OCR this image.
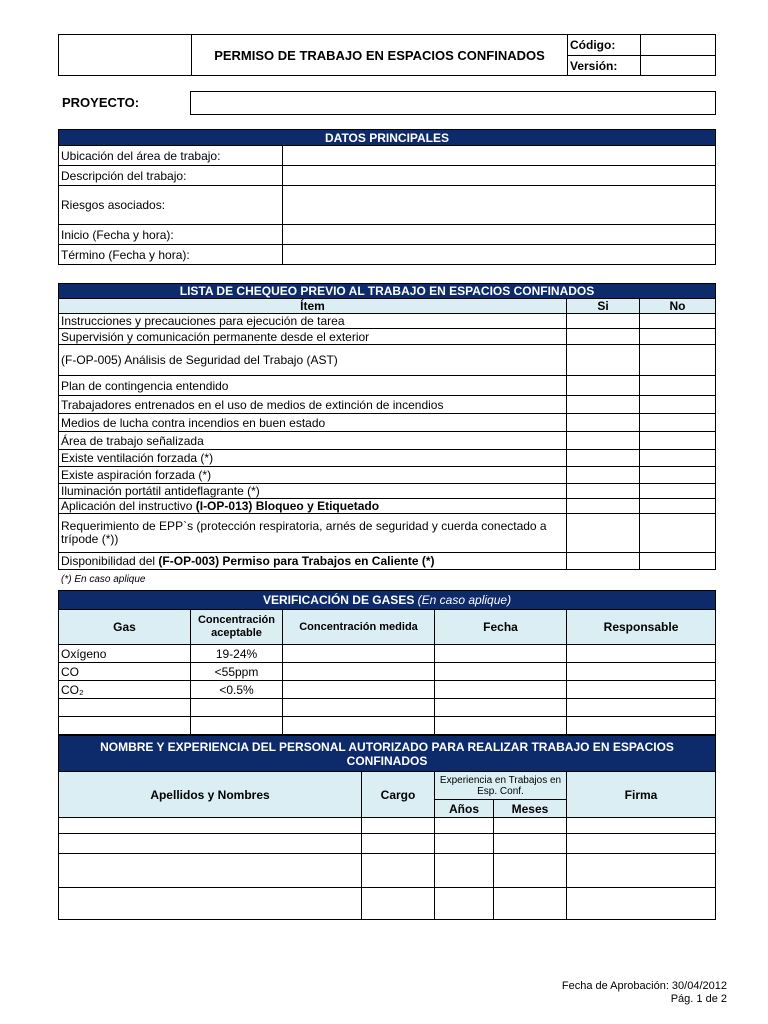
	PERMISO DE TRABAJO EN ESPACIOS CONFINADOS	Código:	
		Versión:	
PROYECTO:
DATOS PRINCIPALES	
Ubicación del área de trabajo:	
Descripción del trabajo:	
Riesgos asociados:	
Inicio (Fecha y hora):	
Término (Fecha y hora):	
LISTA DE CHEQUEO PREVIO AL TRABAJO EN ESPACIOS CONFINADOS		
Ítem	Si	No
Instrucciones y precauciones para ejecución de tarea		
Supervisión y comunicación permanente desde el exterior		
(F-OP-005) Análisis de Seguridad del Trabajo (AST)		
Plan de contingencia entendido		
Trabajadores entrenados en el uso de medios de extinción de incendios		
Medios de lucha contra incendios en buen estado		
Área de trabajo señalizada		
Existe ventilación forzada (*)		
Existe aspiración forzada (*)		
Iluminación portátil antideflagrante (*)		
Aplicación del instructivo (I-OP-013) Bloqueo y Etiquetado		
Requerimiento de EPP`s (protección respiratoria, arnés de seguridad y cuerda conectado a trípode (*))		
Disponibilidad del (F-OP-003) Permiso para Trabajos en Caliente (*)		
(*) En caso aplique
VERIFICACIÓN DE GASES (En caso aplique)				
Gas	Concentración aceptable	Concentración medida	Fecha	Responsable
Oxígeno	19-24%			
CO	<55ppm			
CO₂	<0.5%			

NOMBRE Y EXPERIENCIA DEL PERSONAL AUTORIZADO PARA REALIZAR TRABAJO EN ESPACIOS CONFINADOS				
Apellidos y Nombres	Cargo	Experiencia en Trabajos en Esp. Conf.		Firma
		Años	Meses	

Fecha de Aprobación: 30/04/2012
Pág. 1 de 2
